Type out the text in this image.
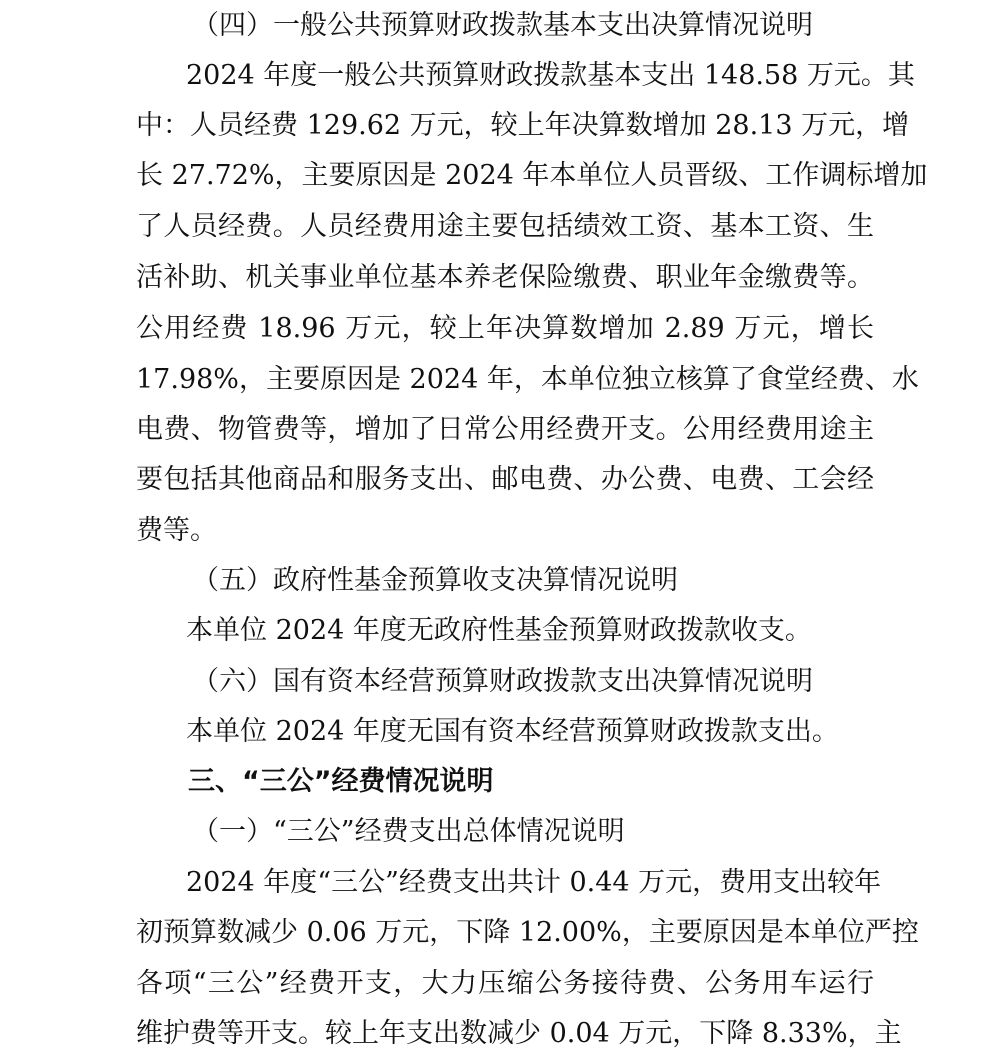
（四）一般公共预算财政拨款基本支出决算情况说明
2024 年度一般公共预算财政拨款基本支出 148.58 万元。其
中：人员经费 129.62 万元，较上年决算数增加 28.13 万元，增
长 27.72%，主要原因是 2024 年本单位人员晋级、工作调标增加
了人员经费。人员经费用途主要包括绩效工资、基本工资、生
活补助、机关事业单位基本养老保险缴费、职业年金缴费等。
公用经费 18.96 万元，较上年决算数增加 2.89 万元，增长
17.98%，主要原因是 2024 年，本单位独立核算了食堂经费、水
电费、物管费等，增加了日常公用经费开支。公用经费用途主
要包括其他商品和服务支出、邮电费、办公费、电费、工会经
费等。
（五）政府性基金预算收支决算情况说明
本单位 2024 年度无政府性基金预算财政拨款收支。
（六）国有资本经营预算财政拨款支出决算情况说明
本单位 2024 年度无国有资本经营预算财政拨款支出。
三、“三公”经费情况说明
（一）“三公”经费支出总体情况说明
2024 年度“三公”经费支出共计 0.44 万元，费用支出较年
初预算数减少 0.06 万元，下降 12.00%，主要原因是本单位严控
各项“三公”经费开支，大力压缩公务接待费、公务用车运行
维护费等开支。较上年支出数减少 0.04 万元，下降 8.33%，主
